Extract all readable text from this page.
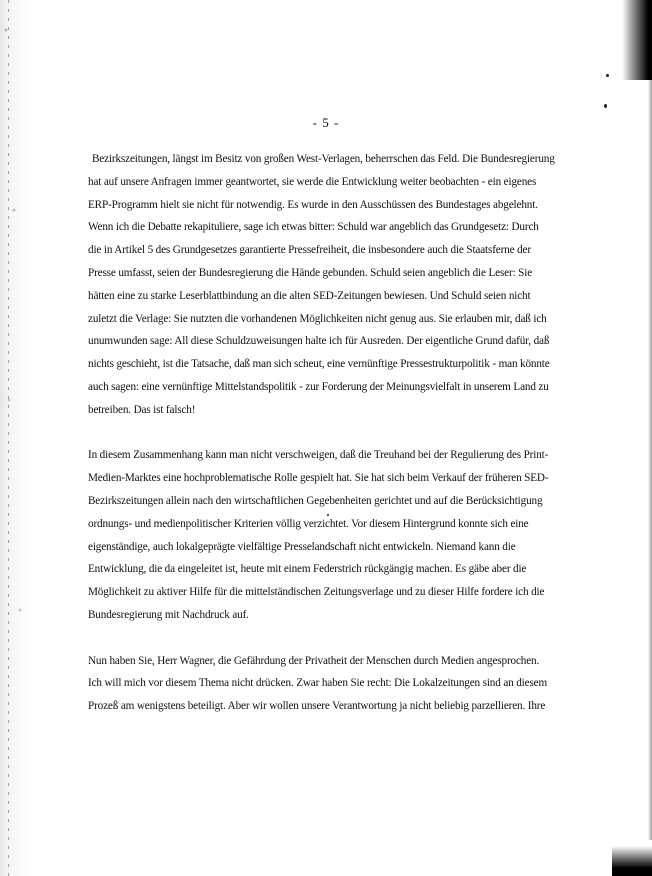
- 5 -
Bezirkszeitungen, längst im Besitz von großen West-Verlagen, beherrschen das Feld. Die Bundesregierung
hat auf unsere Anfragen immer geantwortet, sie werde die Entwicklung weiter beobachten - ein eigenes
ERP-Programm hielt sie nicht für notwendig. Es wurde in den Ausschüssen des Bundestages abgelehnt.
Wenn ich die Debatte rekapituliere, sage ich etwas bitter: Schuld war angeblich das Grundgesetz: Durch
die in Artikel 5 des Grundgesetzes garantierte Pressefreiheit, die insbesondere auch die Staatsferne der
Presse umfasst, seien der Bundesregierung die Hände gebunden. Schuld seien angeblich die Leser: Sie
hätten eine zu starke Leserblattbindung an die alten SED-Zeitungen bewiesen. Und Schuld seien nicht
zuletzt die Verlage: Sie nutzten die vorhandenen Möglichkeiten nicht genug aus. Sie erlauben mir, daß ich
unumwunden sage: All diese Schuldzuweisungen halte ich für Ausreden. Der eigentliche Grund dafür, daß
nichts geschieht, ist die Tatsache, daß man sich scheut, eine vernünftige Pressestrukturpolitik - man könnte
auch sagen: eine vernünftige Mittelstandspolitik - zur Forderung der Meinungsvielfalt in unserem Land zu
betreiben. Das ist falsch!
In diesem Zusammenhang kann man nicht verschweigen, daß die Treuhand bei der Regulierung des Print-
Medien-Marktes eine hochproblematische Rolle gespielt hat. Sie hat sich beim Verkauf der früheren SED-
Bezirkszeitungen allein nach den wirtschaftlichen Gegebenheiten gerichtet und auf die Berücksichtigung
ordnungs- und medienpolitischer Kriterien völlig verzichtet. Vor diesem Hintergrund konnte sich eine
eigenständige, auch lokalgeprägte vielfältige Presselandschaft nicht entwickeln. Niemand kann die
Entwicklung, die da eingeleitet ist, heute mit einem Federstrich rückgängig machen. Es gäbe aber die
Möglichkeit zu aktiver Hilfe für die mittelständischen Zeitungsverlage und zu dieser Hilfe fordere ich die
Bundesregierung mit Nachdruck auf.
Nun haben Sie, Herr Wagner, die Gefährdung der Privatheit der Menschen durch Medien angesprochen.
Ich will mich vor diesem Thema nicht drücken. Zwar haben Sie recht: Die Lokalzeitungen sind an diesem
Prozeß am wenigstens beteiligt. Aber wir wollen unsere Verantwortung ja nicht beliebig parzellieren. Ihre
